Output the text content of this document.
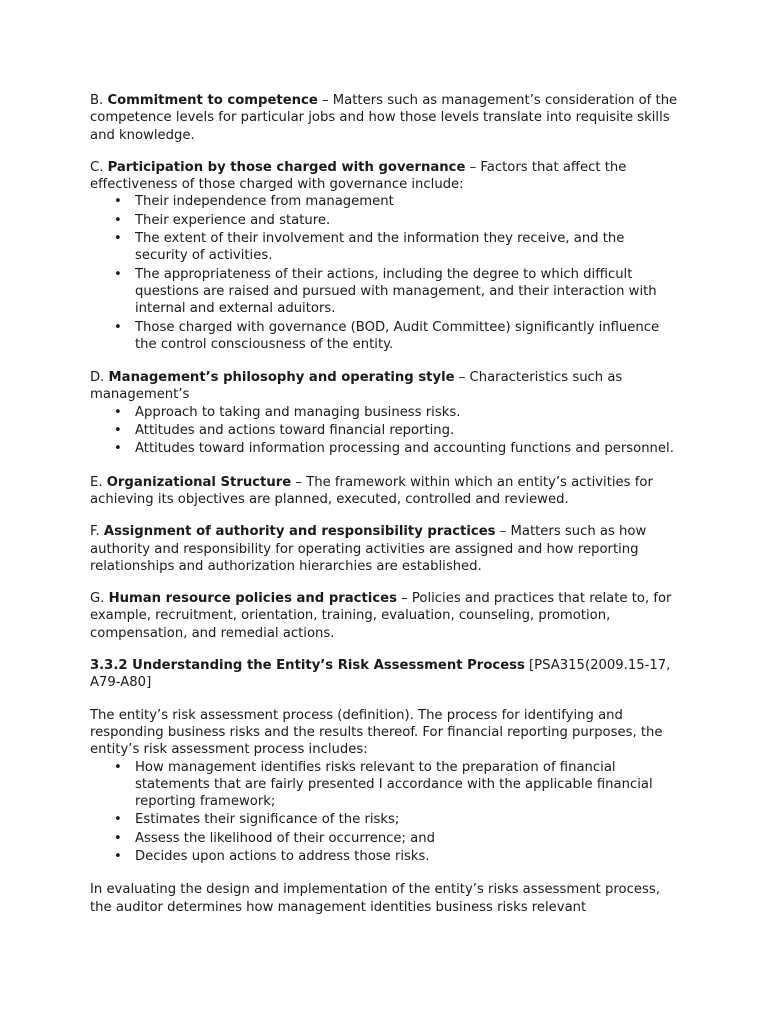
B. Commitment to competence – Matters such as management’s consideration of the competence levels for particular jobs and how those levels translate into requisite skills and knowledge.

C. Participation by those charged with governance – Factors that affect the effectiveness of those charged with governance include:

• Their independence from management
• Their experience and stature.
• The extent of their involvement and the information they receive, and the security of activities.
• The appropriateness of their actions, including the degree to which difficult questions are raised and pursued with management, and their interaction with internal and external aduitors.
• Those charged with governance (BOD, Audit Committee) significantly influence the control consciousness of the entity.

D. Management’s philosophy and operating style – Characteristics such as management’s

• Approach to taking and managing business risks.
• Attitudes and actions toward financial reporting.
• Attitudes toward information processing and accounting functions and personnel.

E. Organizational Structure – The framework within which an entity’s activities for achieving its objectives are planned, executed, controlled and reviewed.

F. Assignment of authority and responsibility practices – Matters such as how authority and responsibility for operating activities are assigned and how reporting relationships and authorization hierarchies are established.

G. Human resource policies and practices – Policies and practices that relate to, for example, recruitment, orientation, training, evaluation, counseling, promotion, compensation, and remedial actions.

3.3.2 Understanding the Entity’s Risk Assessment Process [PSA315(2009.15-17, A79-A80]

The entity’s risk assessment process (definition). The process for identifying and responding business risks and the results thereof. For financial reporting purposes, the entity’s risk assessment process includes:

• How management identifies risks relevant to the preparation of financial statements that are fairly presented I accordance with the applicable financial reporting framework;
• Estimates their significance of the risks;
• Assess the likelihood of their occurrence; and
• Decides upon actions to address those risks.

In evaluating the design and implementation of the entity’s risks assessment process, the auditor determines how management identities business risks relevant
